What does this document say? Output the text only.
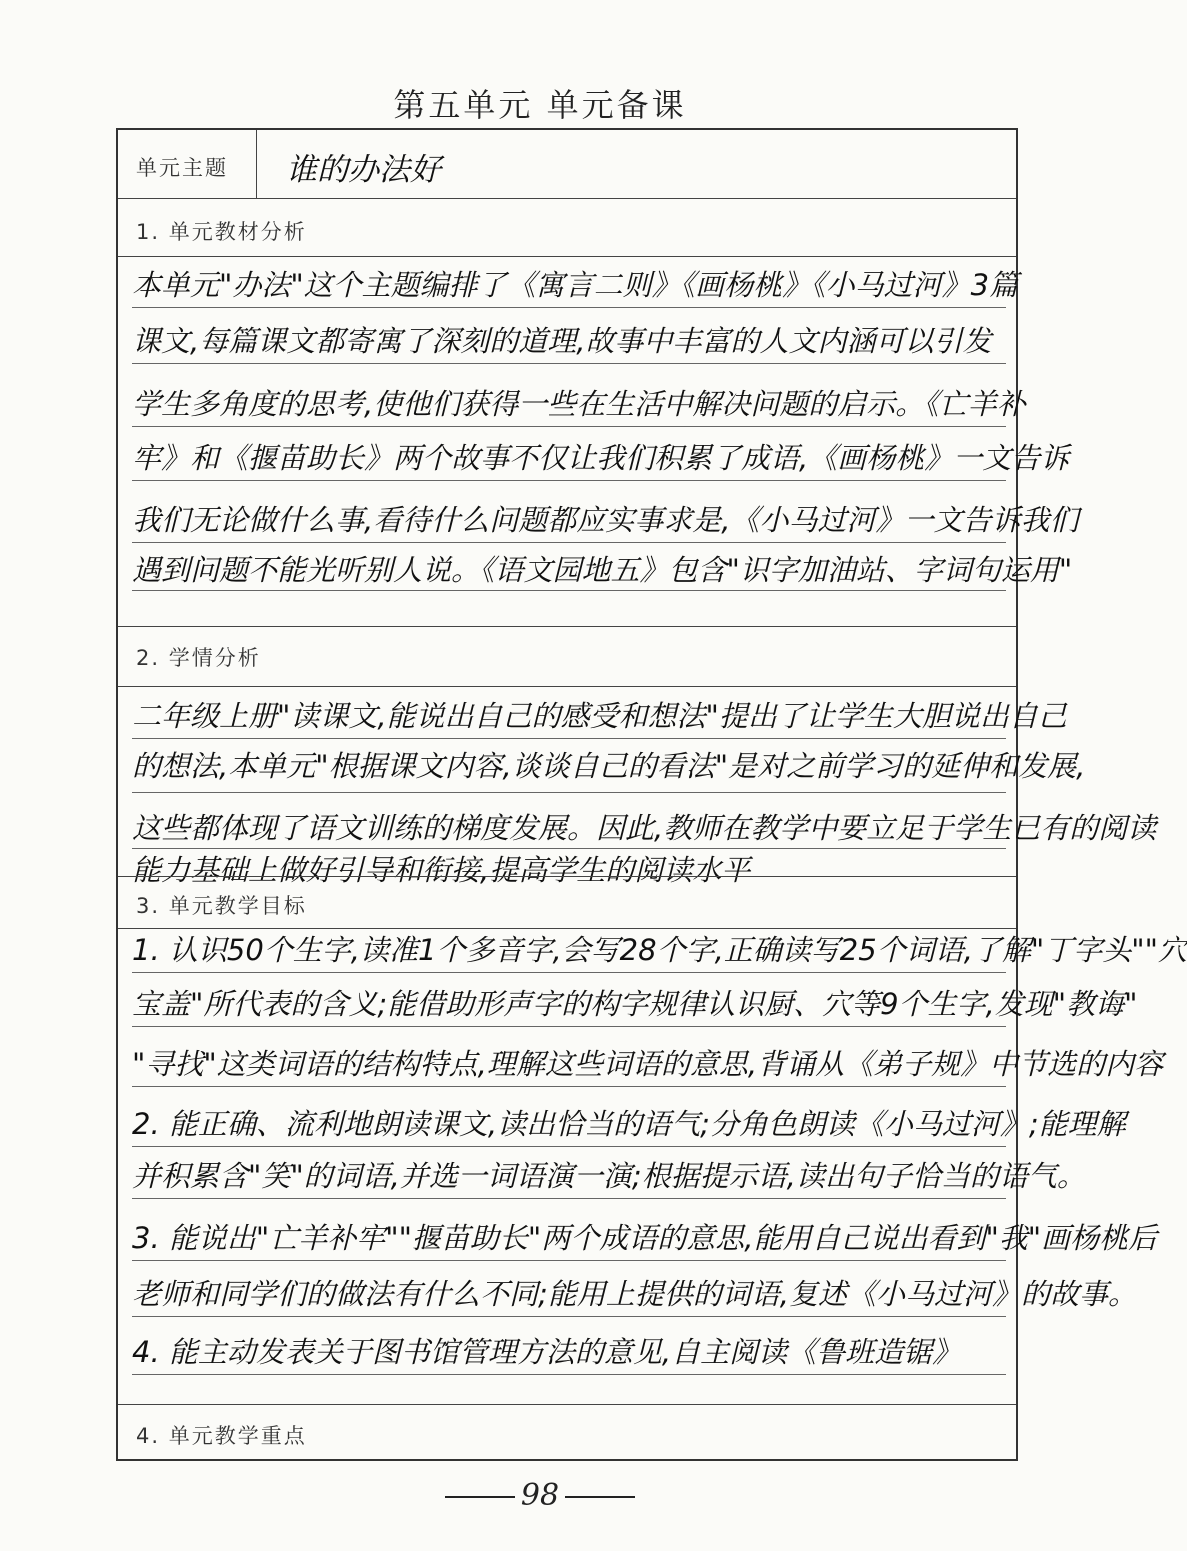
第五单元 单元备课
单元主题 谁的办法好
1. 单元教材分析
本单元"办法"这个主题编排了《寓言二则》《画杨桃》《小马过河》3篇
课文,每篇课文都寄寓了深刻的道理,故事中丰富的人文内涵可以引发
学生多角度的思考,使他们获得一些在生活中解决问题的启示。《亡羊补
牢》和《揠苗助长》两个故事不仅让我们积累了成语,《画杨桃》一文告诉
我们无论做什么事,看待什么问题都应实事求是,《小马过河》一文告诉我们
遇到问题不能光听别人说。《语文园地五》包含"识字加油站、字词句运用"
2. 学情分析
二年级上册"读课文,能说出自己的感受和想法"提出了让学生大胆说出自己
的想法,本单元"根据课文内容,谈谈自己的看法"是对之前学习的延伸和发展,
这些都体现了语文训练的梯度发展。因此,教师在教学中要立足于学生已有的阅读
能力基础上做好引导和衔接,提高学生的阅读水平
3. 单元教学目标
1. 认识50个生字,读准1个多音字,会写28个字,正确读写25个词语,了解"丁字头""穴
宝盖"所代表的含义;能借助形声字的构字规律认识厨、穴等9个生字,发现"教诲"
"寻找"这类词语的结构特点,理解这些词语的意思,背诵从《弟子规》中节选的内容
2. 能正确、流利地朗读课文,读出恰当的语气;分角色朗读《小马过河》;能理解
并积累含"笑"的词语,并选一词语演一演;根据提示语,读出句子恰当的语气。
3. 能说出"亡羊补牢""揠苗助长"两个成语的意思,能用自己说出看到"我"画杨桃后
老师和同学们的做法有什么不同;能用上提供的词语,复述《小马过河》的故事。
4. 能主动发表关于图书馆管理方法的意见,自主阅读《鲁班造锯》
4. 单元教学重点
98
